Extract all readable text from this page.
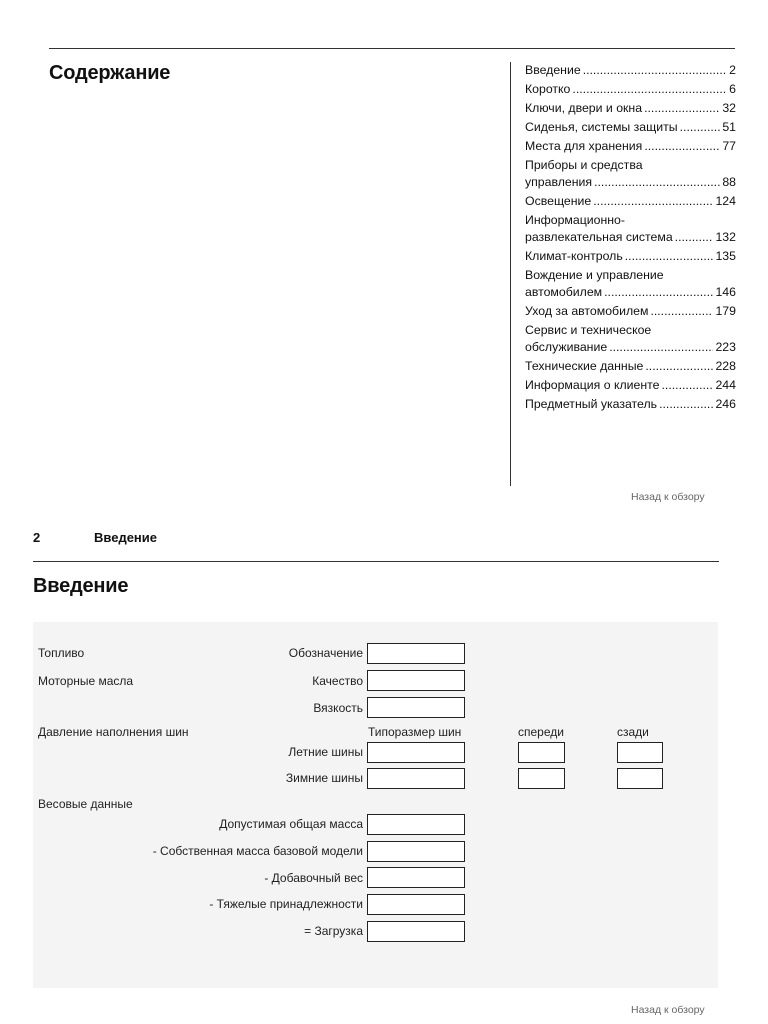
Содержание	Введение .....	2
Коротко .....	6
Ключи, двери и окна .....	32
Сиденья, системы защиты .....	51
Места для хранения .....	77
Приборы и средства
управления .....	88
Освещение .....	124
Информационно-
развлекательная система .....	132
Климат-контроль .....	135
Вождение и управление
автомобилем .....	146
Уход за автомобилем .....	179
Сервис и техническое
обслуживание .....	223
Технические данные .....	228
Информация о клиенте .....	244
Предметный указатель .....	246
Назад к обзору
2	Введение
Введение
Топливо	Обозначение
Моторные масла	Качество
Вязкость
Давление наполнения шин	Типоразмер шин	спереди	сзади
Летние шины
Зимние шины
Весовые данные
Допустимая общая масса
- Собственная масса базовой модели
- Добавочный вес
- Тяжелые принадлежности
= Загрузка
Назад к обзору
